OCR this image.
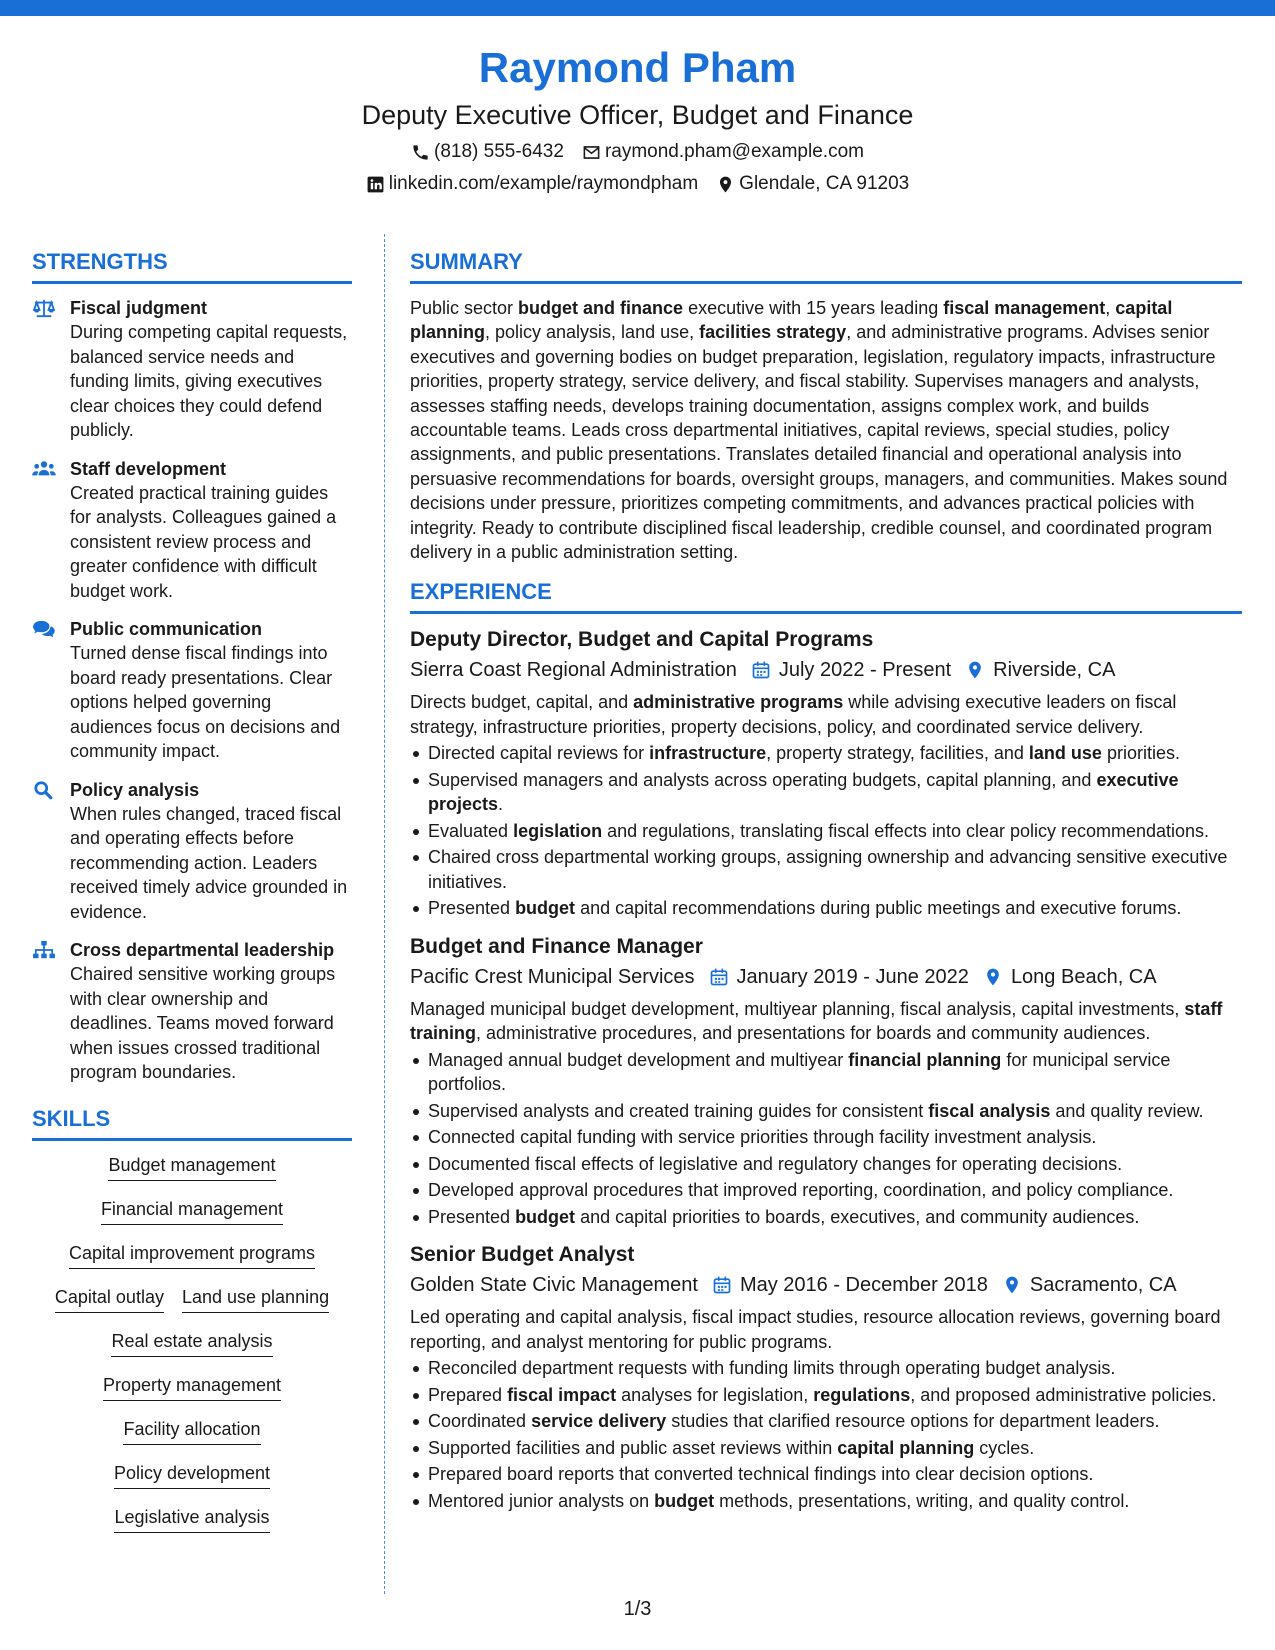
Raymond Pham
Deputy Executive Officer, Budget and Finance
(818) 555-6432 raymond.pham@example.com
linkedin.com/example/raymondpham Glendale, CA 91203
STRENGTHS
Fiscal judgment
During competing capital requests, balanced service needs and funding limits, giving executives clear choices they could defend publicly.
Staff development
Created practical training guides for analysts. Colleagues gained a consistent review process and greater confidence with difficult budget work.
Public communication
Turned dense fiscal findings into board ready presentations. Clear options helped governing audiences focus on decisions and community impact.
Policy analysis
When rules changed, traced fiscal and operating effects before recommending action. Leaders received timely advice grounded in evidence.
Cross departmental leadership
Chaired sensitive working groups with clear ownership and deadlines. Teams moved forward when issues crossed traditional program boundaries.
SKILLS
Budget management
Financial management
Capital improvement programs
Capital outlay Land use planning
Real estate analysis
Property management
Facility allocation
Policy development
Legislative analysis
SUMMARY

Public sector budget and finance executive with 15 years leading fiscal management, capital planning, policy analysis, land use, facilities strategy, and administrative programs. Advises senior executives and governing bodies on budget preparation, legislation, regulatory impacts, infrastructure priorities, property strategy, service delivery, and fiscal stability. Supervises managers and analysts, assesses staffing needs, develops training documentation, assigns complex work, and builds accountable teams. Leads cross departmental initiatives, capital reviews, special studies, policy assignments, and public presentations. Translates detailed financial and operational analysis into persuasive recommendations for boards, oversight groups, managers, and communities. Makes sound decisions under pressure, prioritizes competing commitments, and advances practical policies with integrity. Ready to contribute disciplined fiscal leadership, credible counsel, and coordinated program delivery in a public administration setting.

EXPERIENCE
Deputy Director, Budget and Capital Programs
Sierra Coast Regional Administration July 2022 - Present Riverside, CA

Directs budget, capital, and administrative programs while advising executive leaders on fiscal strategy, infrastructure priorities, property decisions, policy, and coordinated service delivery.

Directed capital reviews for infrastructure, property strategy, facilities, and land use priorities.
Supervised managers and analysts across operating budgets, capital planning, and executive projects.
Evaluated legislation and regulations, translating fiscal effects into clear policy recommendations.
Chaired cross departmental working groups, assigning ownership and advancing sensitive executive initiatives.
Presented budget and capital recommendations during public meetings and executive forums.
Budget and Finance Manager
Pacific Crest Municipal Services January 2019 - June 2022 Long Beach, CA

Managed municipal budget development, multiyear planning, fiscal analysis, capital investments, staff training, administrative procedures, and presentations for boards and community audiences.

Managed annual budget development and multiyear financial planning for municipal service portfolios.
Supervised analysts and created training guides for consistent fiscal analysis and quality review.
Connected capital funding with service priorities through facility investment analysis.
Documented fiscal effects of legislative and regulatory changes for operating decisions.
Developed approval procedures that improved reporting, coordination, and policy compliance.
Presented budget and capital priorities to boards, executives, and community audiences.
Senior Budget Analyst
Golden State Civic Management May 2016 - December 2018 Sacramento, CA

Led operating and capital analysis, fiscal impact studies, resource allocation reviews, governing board reporting, and analyst mentoring for public programs.

Reconciled department requests with funding limits through operating budget analysis.
Prepared fiscal impact analyses for legislation, regulations, and proposed administrative policies.
Coordinated service delivery studies that clarified resource options for department leaders.
Supported facilities and public asset reviews within capital planning cycles.
Prepared board reports that converted technical findings into clear decision options.
Mentored junior analysts on budget methods, presentations, writing, and quality control.
1/3
